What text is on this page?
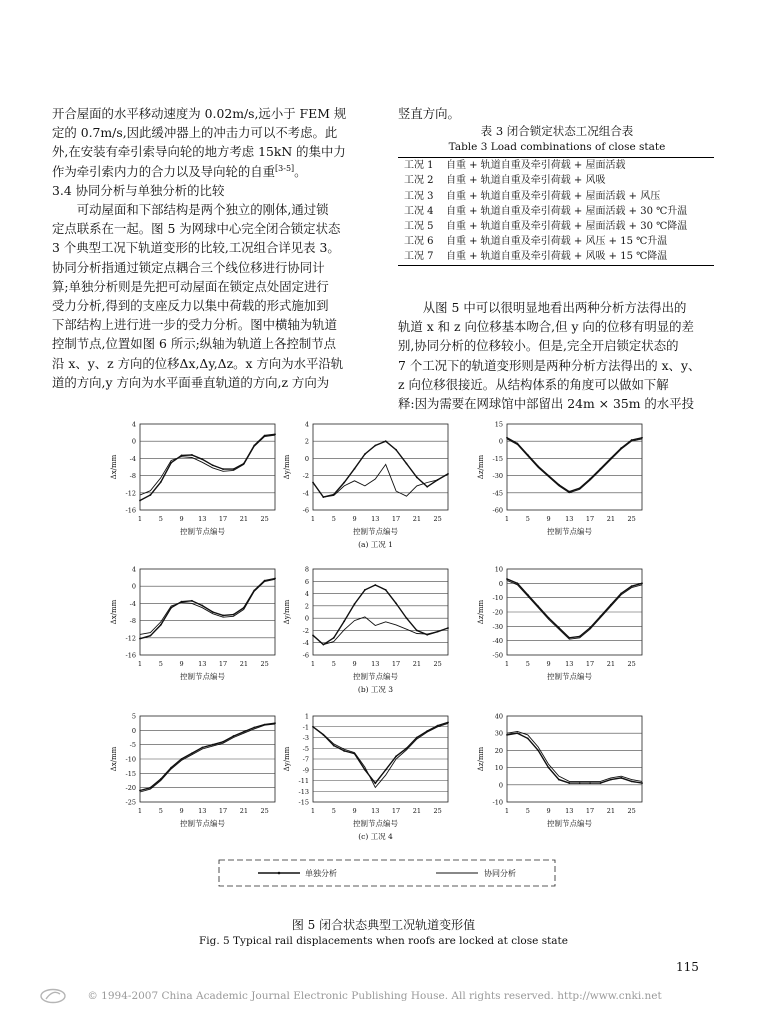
开合屋面的水平移动速度为 0.02m/s,远小于 FEM 规

定的 0.7m/s,因此缓冲器上的冲击力可以不考虑。此

外,在安装有牵引索导向轮的地方考虑 15kN 的集中力

作为牵引索内力的合力以及导向轮的自重[3-5]。

3.4 协同分析与单独分析的比较

　　可动屋面和下部结构是两个独立的刚体,通过锁

定点联系在一起。图 5 为网球中心完全闭合锁定状态

3 个典型工况下轨道变形的比较,工况组合详见表 3。

协同分析指通过锁定点耦合三个线位移进行协同计

算;单独分析则是先把可动屋面在锁定点处固定进行

受力分析,得到的支座反力以集中荷载的形式施加到

下部结构上进行进一步的受力分析。图中横轴为轨道

控制节点,位置如图 6 所示;纵轴为轨道上各控制节点

沿 x、y、z 方向的位移Δx,Δy,Δz。x 方向为水平沿轨

道的方向,y 方向为水平面垂直轨道的方向,z 方向为

竖直方向。

表 3 闭合锁定状态工况组合表

Table 3 Load combinations of close state

工况 1	自重 + 轨道自重及牵引荷载 + 屋面活载
工况 2	自重 + 轨道自重及牵引荷载 + 风吸
工况 3	自重 + 轨道自重及牵引荷载 + 屋面活载 + 风压
工况 4	自重 + 轨道自重及牵引荷载 + 屋面活载 + 30 ℃升温
工况 5	自重 + 轨道自重及牵引荷载 + 屋面活载 + 30 ℃降温
工况 6	自重 + 轨道自重及牵引荷载 + 风压 + 15 ℃升温
工况 7	自重 + 轨道自重及牵引荷载 + 风吸 + 15 ℃降温

　　从图 5 中可以很明显地看出两种分析方法得出的

轨道 x 和 z 向位移基本吻合,但 y 向的位移有明显的差

别,协同分析的位移较小。但是,完全开启锁定状态的

7 个工况下的轨道变形则是两种分析方法得出的 x、y、

z 向位移很接近。从结构体系的角度可以做如下解

释:因为需要在网球馆中部留出 24m × 35m 的水平投

4
0
-4
-8
-12
-16
1	5	9 13 17 21 25
Δx/mm
控制节点编号
4
2
0
-2
-4
-6
1	5	9 13 17 21 25
Δy/mm
控制节点编号
(a) 工况 1
15
0
-15
-30
-45
-60
1	5	9 13 17 21 25
Δz/mm
控制节点编号
4
0
-4
-8
-12
-16
1	5	9 13 17 21 25
Δx/mm
控制节点编号
8
6
4
2
0
-2
-4
-6
1	5	9 13 17 21 25
Δy/mm
控制节点编号
(b) 工况 3
10
0
-10
-20
-30
-40
-50
1	5	9 13 17 21 25
Δz/mm
控制节点编号
5
0
-5
-10
-15
-20
-25
1	5	9 13 17 21 25
Δx/mm
控制节点编号
1
-1
-3
-5
-7
-9
-11
-13
-15
1	5	9 13 17 21 25
Δy/mm
控制节点编号
(c) 工况 4
40
30
20
10
0
-10
1	5	9 13 17 21 25
Δz/mm
控制节点编号
单独分析	协同分析
图 5 闭合状态典型工况轨道变形值
Fig. 5 Typical rail displacements when roofs are locked at close state
115
© 1994-2007 China Academic Journal Electronic Publishing House. All rights reserved. http://www.cnki.net
